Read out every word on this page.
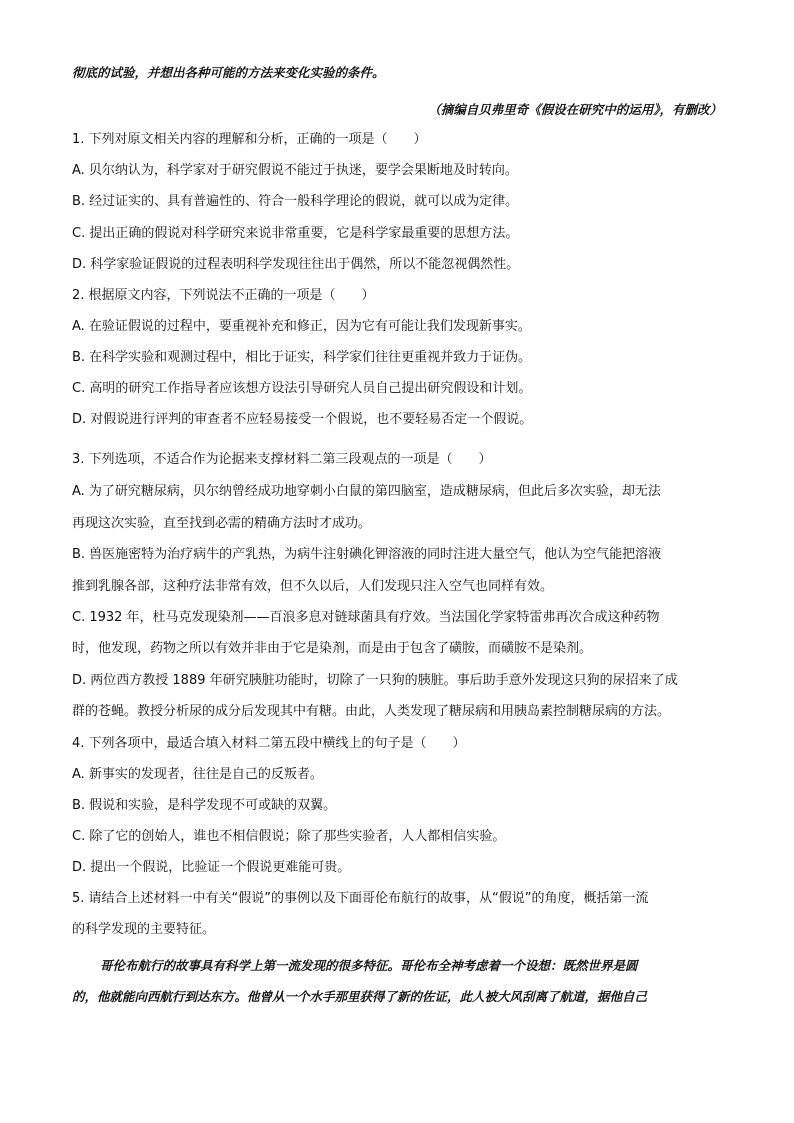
彻底的试验，并想出各种可能的方法来变化实验的条件。
（摘编自贝弗里奇《假设在研究中的运用》，有删改）
1. 下列对原文相关内容的理解和分析，正确的一项是（　　）
A. 贝尔纳认为，科学家对于研究假说不能过于执迷，要学会果断地及时转向。
B. 经过证实的、具有普遍性的、符合一般科学理论的假说，就可以成为定律。
C. 提出正确的假说对科学研究来说非常重要，它是科学家最重要的思想方法。
D. 科学家验证假说的过程表明科学发现往往出于偶然，所以不能忽视偶然性。
2. 根据原文内容，下列说法不正确的一项是（　　）
A. 在验证假说的过程中，要重视补充和修正，因为它有可能让我们发现新事实。
B. 在科学实验和观测过程中，相比于证实，科学家们往往更重视并致力于证伪。
C. 高明的研究工作指导者应该想方设法引导研究人员自己提出研究假设和计划。
D. 对假说进行评判的审查者不应轻易接受一个假说，也不要轻易否定一个假说。
3. 下列选项，不适合作为论据来支撑材料二第三段观点的一项是（　　）
A. 为了研究糖尿病，贝尔纳曾经成功地穿刺小白鼠的第四脑室，造成糖尿病，但此后多次实验，却无法
再现这次实验，直至找到必需的精确方法时才成功。
B. 兽医施密特为治疗病牛的产乳热，为病牛注射碘化钾溶液的同时注进大量空气，他认为空气能把溶液
推到乳腺各部，这种疗法非常有效，但不久以后，人们发现只注入空气也同样有效。
C. 1932 年，杜马克发现染剂——百浪多息对链球菌具有疗效。当法国化学家特雷弗再次合成这种药物
时，他发现，药物之所以有效并非由于它是染剂，而是由于包含了磺胺，而磺胺不是染剂。
D. 两位西方教授 1889 年研究胰脏功能时，切除了一只狗的胰脏。事后助手意外发现这只狗的尿招来了成
群的苍蝇。教授分析尿的成分后发现其中有糖。由此，人类发现了糖尿病和用胰岛素控制糖尿病的方法。
4. 下列各项中，最适合填入材料二第五段中横线上的句子是（　　）
A. 新事实的发现者，往往是自己的反叛者。
B. 假说和实验，是科学发现不可或缺的双翼。
C. 除了它的创始人，谁也不相信假说；除了那些实验者，人人都相信实验。
D. 提出一个假说，比验证一个假说更难能可贵。
5. 请结合上述材料一中有关“假说”的事例以及下面哥伦布航行的故事，从“假说”的角度，概括第一流
的科学发现的主要特征。
哥伦布航行的故事具有科学上第一流发现的很多特征。哥伦布全神考虑着一个设想：既然世界是圆
的，他就能向西航行到达东方。他曾从一个水手那里获得了新的佐证，此人被大风刮离了航道，据他自己
